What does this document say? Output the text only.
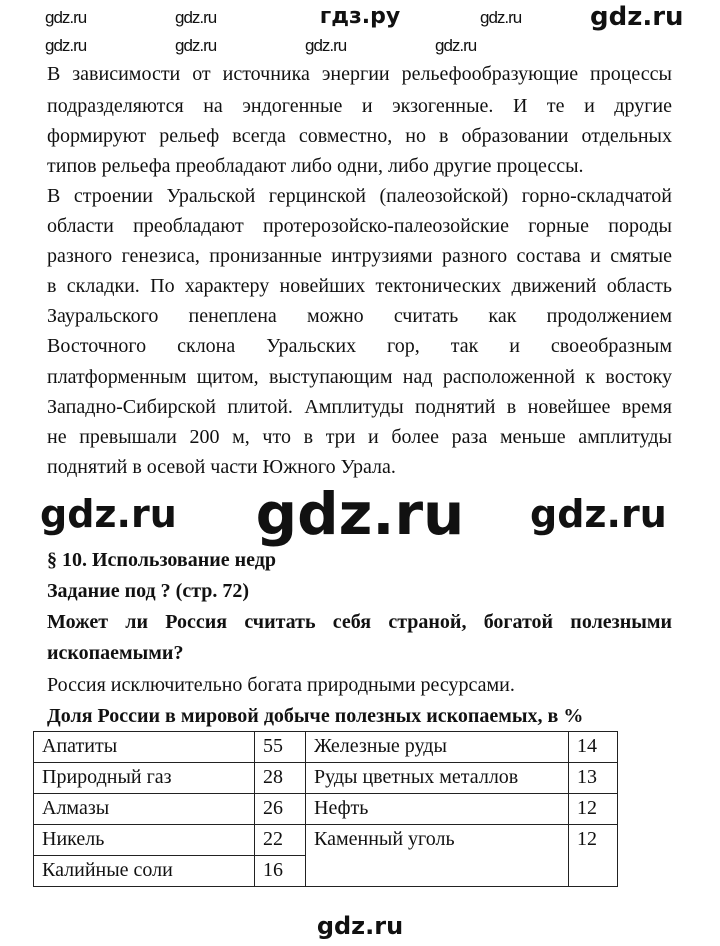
гдз.ру
В зависимости от источника энергии рельефообразующие процессы
подразделяются на эндогенные и экзогенные. И те и другие
формируют рельеф всегда совместно, но в образовании отдельных
типов рельефа преобладают либо одни, либо другие процессы.
В строении Уральской герцинской (палеозойской) горно-складчатой
области преобладают протерозойско-палеозойские горные породы
разного генезиса, пронизанные интрузиями разного состава и смятые
в складки. По характеру новейших тектонических движений область
Зауральского пенеплена можно считать как продолжением
Восточного склона Уральских гор, так и своеобразным
платформенным щитом, выступающим над расположенной к востоку
Западно-Сибирской плитой. Амплитуды поднятий в новейшее время
не превышали 200 м, что в три и более раза меньше амплитуды
поднятий в осевой части Южного Урала.
gdz.ru
§ 10. Использование недр
Задание под ? (стр. 72)
Может ли Россия считать себя страной, богатой полезными
ископаемыми?
Россия исключительно богата природными ресурсами.
Доля России в мировой добыче полезных ископаемых, в %
Апатиты	55	Железные руды	14
Природный газ	28	Руды цветных металлов	13
Алмазы	26	Нефть	12
Никель	22	Каменный уголь	12
Калийные соли	16		
gdz.ru	gdz.ru	gdz.ru	gdz.ru
gdz.ru	gdz.ru	gdz.ru	gdz.ru
gdz.ru	gdz.ru
gdz.ru
